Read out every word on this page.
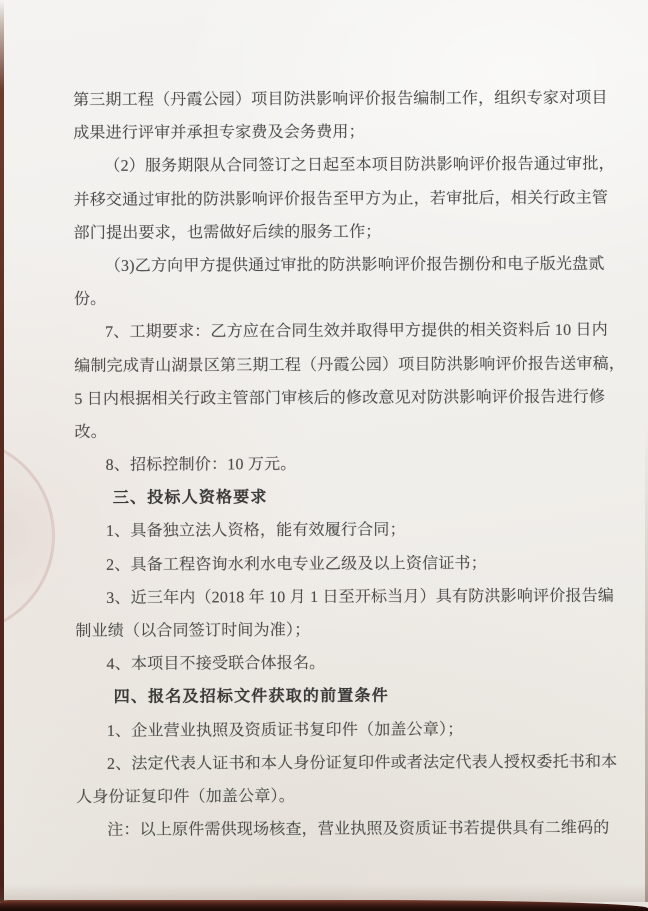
第三期工程（丹霞公园）项目防洪影响评价报告编制工作，组织专家对项目
成果进行评审并承担专家费及会务费用；
（2）服务期限从合同签订之日起至本项目防洪影响评价报告通过审批，
并移交通过审批的防洪影响评价报告至甲方为止，若审批后，相关行政主管
部门提出要求，也需做好后续的服务工作；
（3)乙方向甲方提供通过审批的防洪影响评价报告捌份和电子版光盘贰
份。
7、工期要求：乙方应在合同生效并取得甲方提供的相关资料后 10 日内
编制完成青山湖景区第三期工程（丹霞公园）项目防洪影响评价报告送审稿，
5 日内根据相关行政主管部门审核后的修改意见对防洪影响评价报告进行修
改。
8、招标控制价：10 万元。
三、投标人资格要求
1、具备独立法人资格，能有效履行合同；
2、具备工程咨询水利水电专业乙级及以上资信证书；
3、近三年内（2018 年 10 月 1 日至开标当月）具有防洪影响评价报告编
制业绩（以合同签订时间为准）；
4、本项目不接受联合体报名。
四、报名及招标文件获取的前置条件
1、企业营业执照及资质证书复印件（加盖公章）；
2、法定代表人证书和本人身份证复印件或者法定代表人授权委托书和本
人身份证复印件（加盖公章）。
注：以上原件需供现场核查，营业执照及资质证书若提供具有二维码的
